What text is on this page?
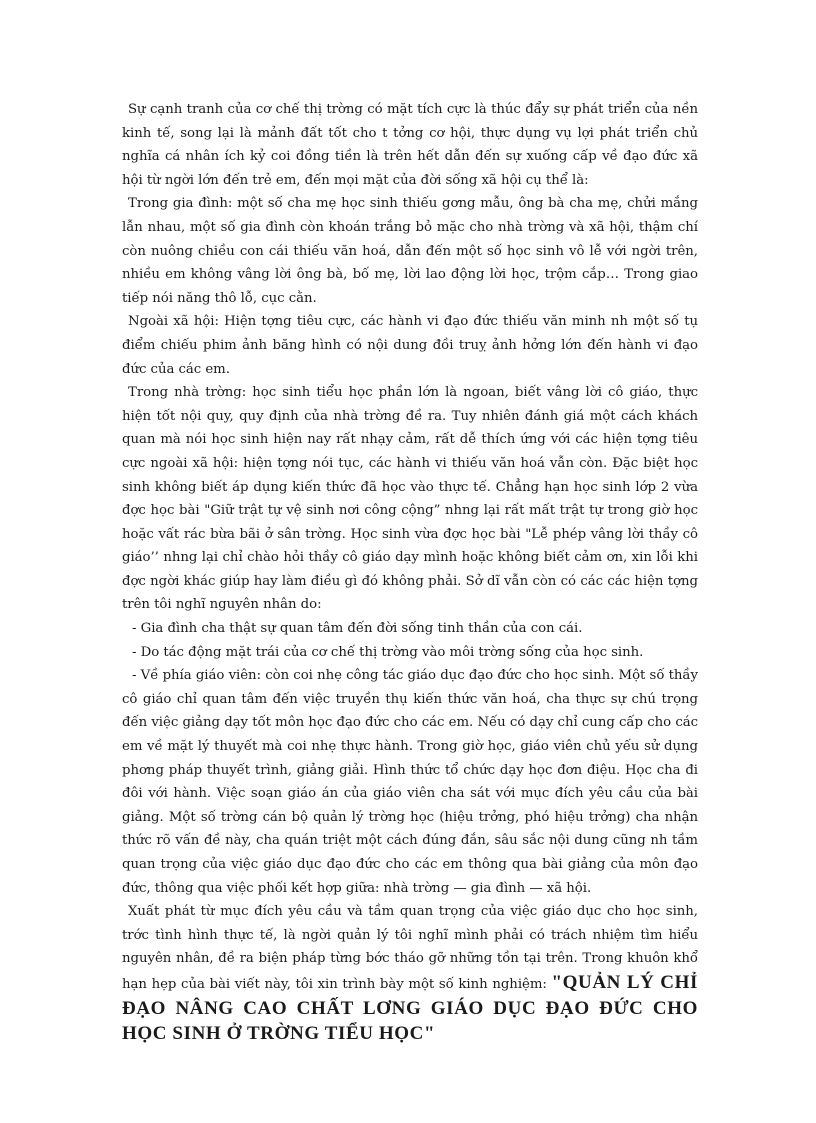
Sự cạnh tranh của cơ chế thị trờng có mặt tích cực là thúc đẩy sự phát triển của nền kinh tế, song lại là mảnh đất tốt cho t tởng cơ hội, thực dụng vụ lợi phát triển chủ nghĩa cá nhân ích kỷ coi đồng tiền là trên hết dẫn đến sự xuống cấp về đạo đức xã hội từ ngời lớn đến trẻ em, đến mọi mặt của đời sống xã hội cụ thể là:

Trong gia đình: một số cha mẹ học sinh thiếu gơng mẫu, ông bà cha mẹ, chửi mắng lẫn nhau, một số gia đình còn khoán trắng bỏ mặc cho nhà trờng và xã hội, thậm chí còn nuông chiều con cái thiếu văn hoá, dẫn đến một số học sinh vô lễ với ngời trên, nhiều em không vâng lời ông bà, bố mẹ, lời lao động lời học, trộm cắp… Trong giao tiếp nói năng thô lỗ, cục cằn.

Ngoài xã hội: Hiện tợng tiêu cực, các hành vi đạo đức thiếu văn minh nh một số tụ điểm chiếu phim ảnh băng hình có nội dung đồi truỵ ảnh hởng lớn đến hành vi đạo đức của các em.

Trong nhà trờng: học sinh tiểu học phần lớn là ngoan, biết vâng lời cô giáo, thực hiện tốt nội quy, quy định của nhà trờng đề ra. Tuy nhiên đánh giá một cách khách quan mà nói học sinh hiện nay rất nhạy cảm, rất dễ thích ứng với các hiện tợng tiêu cực ngoài xã hội: hiện tợng nói tục, các hành vi thiếu văn hoá vẫn còn. Đặc biệt học sinh không biết áp dụng kiến thức đã học vào thực tế. Chẳng hạn học sinh lớp 2 vừa đợc học bài "Giữ trật tự vệ sinh nơi công cộng” nhng lại rất mất trật tự trong giờ học hoặc vất rác bừa bãi ở sân trờng. Học sinh vừa đợc học bài "Lễ phép vâng lời thầy cô giáo’’ nhng lại chỉ chào hỏi thầy cô giáo dạy mình hoặc không biết cảm ơn, xin lỗi khi đợc ngời khác giúp hay làm điều gì đó không phải. Sở dĩ vẫn còn có các các hiện tợng trên tôi nghĩ nguyên nhân do:

- Gia đình cha thật sự quan tâm đến đời sống tinh thần của con cái.

- Do tác động mặt trái của cơ chế thị trờng vào môi trờng sống của học sinh.

- Về phía giáo viên: còn coi nhẹ công tác giáo dục đạo đức cho học sinh. Một số thầy cô giáo chỉ quan tâm đến việc truyền thụ kiến thức văn hoá, cha thực sự chú trọng đến việc giảng dạy tốt môn học đạo đức cho các em. Nếu có dạy chỉ cung cấp cho các em về mặt lý thuyết mà coi nhẹ thực hành. Trong giờ học, giáo viên chủ yếu sử dụng phơng pháp thuyết trình, giảng giải. Hình thức tổ chức dạy học đơn điệu. Học cha đi đôi với hành. Việc soạn giáo án của giáo viên cha sát với mục đích yêu cầu của bài giảng. Một số trờng cán bộ quản lý trờng học (hiệu trởng, phó hiệu trởng) cha nhận thức rõ vấn đề này, cha quán triệt một cách đúng đắn, sâu sắc nội dung cũng nh tầm quan trọng của việc giáo dục đạo đức cho các em thông qua bài giảng của môn đạo đức, thông qua việc phối kết hợp giữa: nhà trờng — gia đình — xã hội.

Xuất phát từ mục đích yêu cầu và tầm quan trọng của việc giáo dục cho học sinh, trớc tình hình thực tế, là ngời quản lý tôi nghĩ mình phải có trách nhiệm tìm hiểu nguyên nhân, đề ra biện pháp từng bớc tháo gỡ những tồn tại trên. Trong khuôn khổ hạn hẹp của bài viết này, tôi xin trình bày một số kinh nghiệm: "QUẢN LÝ CHỈ ĐẠO NÂNG CAO CHẤT LƠNG GIÁO DỤC ĐẠO ĐỨC CHO HỌC SINH Ở TRỜNG TIỂU HỌC"
